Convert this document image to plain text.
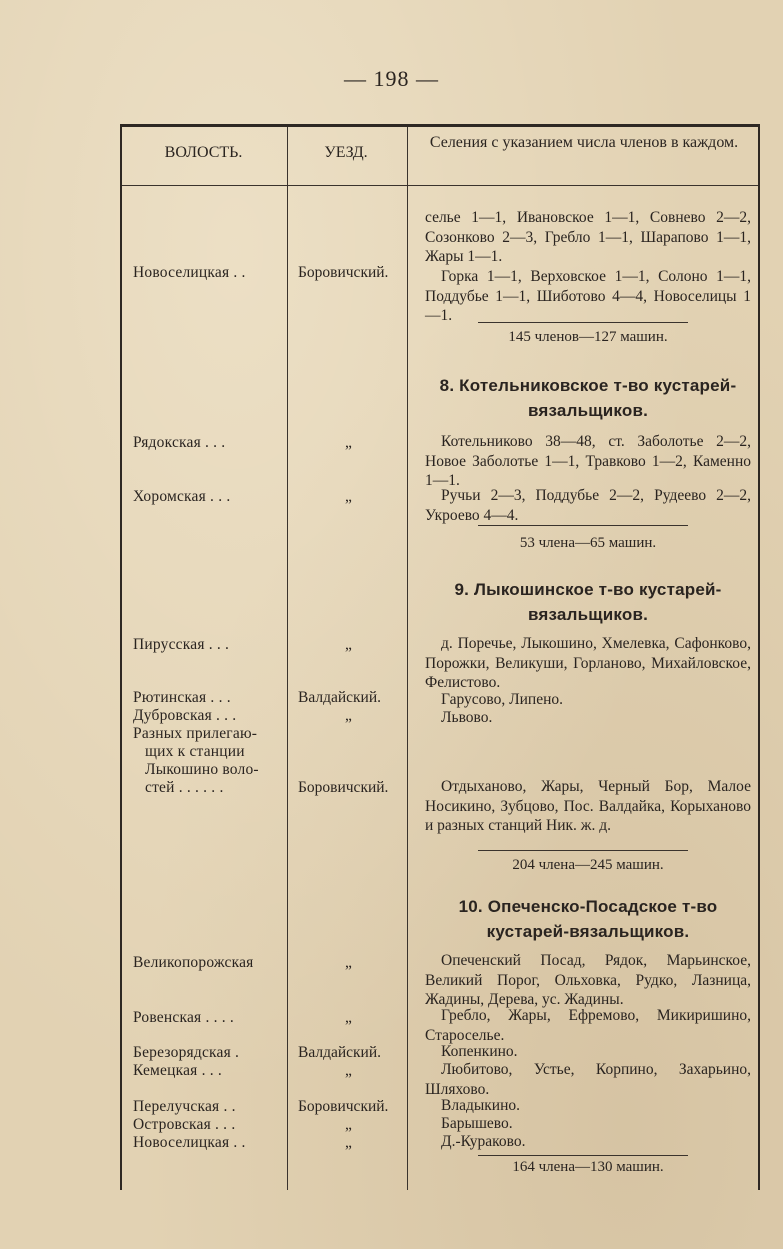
— 198 —
ВОЛОСТЬ.	УЕЗД.
Селения с указанием числа членов в каждом.
Новоселицкая . .
Рядокская . . .
Хоромская . . .
Пирусская . . .
Рютинская . . .
Дубровская . . .
Разных прилегаю-
щих к станции
Лыкошино воло-
стей . . . . . .
Великопорожская
Ровенская . . . .
Березорядская .
Кемецкая . . .
Перелучская . .
Островская . . .
Новоселицкая . .
Боровичский.
„
„
„
Валдайский.
„
Боровичский.
„
„
Валдайский.
„
Боровичский.
„
„
селье 1—1, Ивановское 1—1, Совнево 2—2, Созонково 2—3, Гребло 1—1, Шарапово 1—1, Жары 1—1.
Горка 1—1, Верховское 1—1, Солоно 1—1, Поддубье 1—1, Шиботово 4—4, Новоселицы 1—1.
145 членов—127 машин.
8. Котельниковское т-во кустарей-вязальщиков.
Котельниково 38—48, ст. Заболотье 2—2, Новое Заболотье 1—1, Травково 1—2, Каменно 1—1.
Ручьи 2—3, Поддубье 2—2, Рудеево 2—2, Укроево 4—4.
53 члена—65 машин.
9. Лыкошинское т-во кустарей-вязальщиков.
д. Поречье, Лыкошино, Хмелевка, Сафонково, Порожки, Великуши, Горланово, Михайловское, Фелистово.
Гарусово, Липено.
Львово.
Отдыханово, Жары, Черный Бор, Малое Носикино, Зубцово, Пос. Валдайка, Корыханово и разных станций Ник. ж. д.
204 члена—245 машин.
10. Опеченско-Посадское т-во кустарей-вязальщиков.
Опеченский Посад, Рядок, Марьинское, Великий Порог, Ольховка, Рудко, Лазница, Жадины, Дерева, ус. Жадины.
Гребло, Жары, Ефремово, Микиришино, Староселье.
Копенкино.
Любитово, Устье, Корпино, Захарьино, Шляхово.
Владыкино.
Барышево.
Д.-Кураково.
164 члена—130 машин.
